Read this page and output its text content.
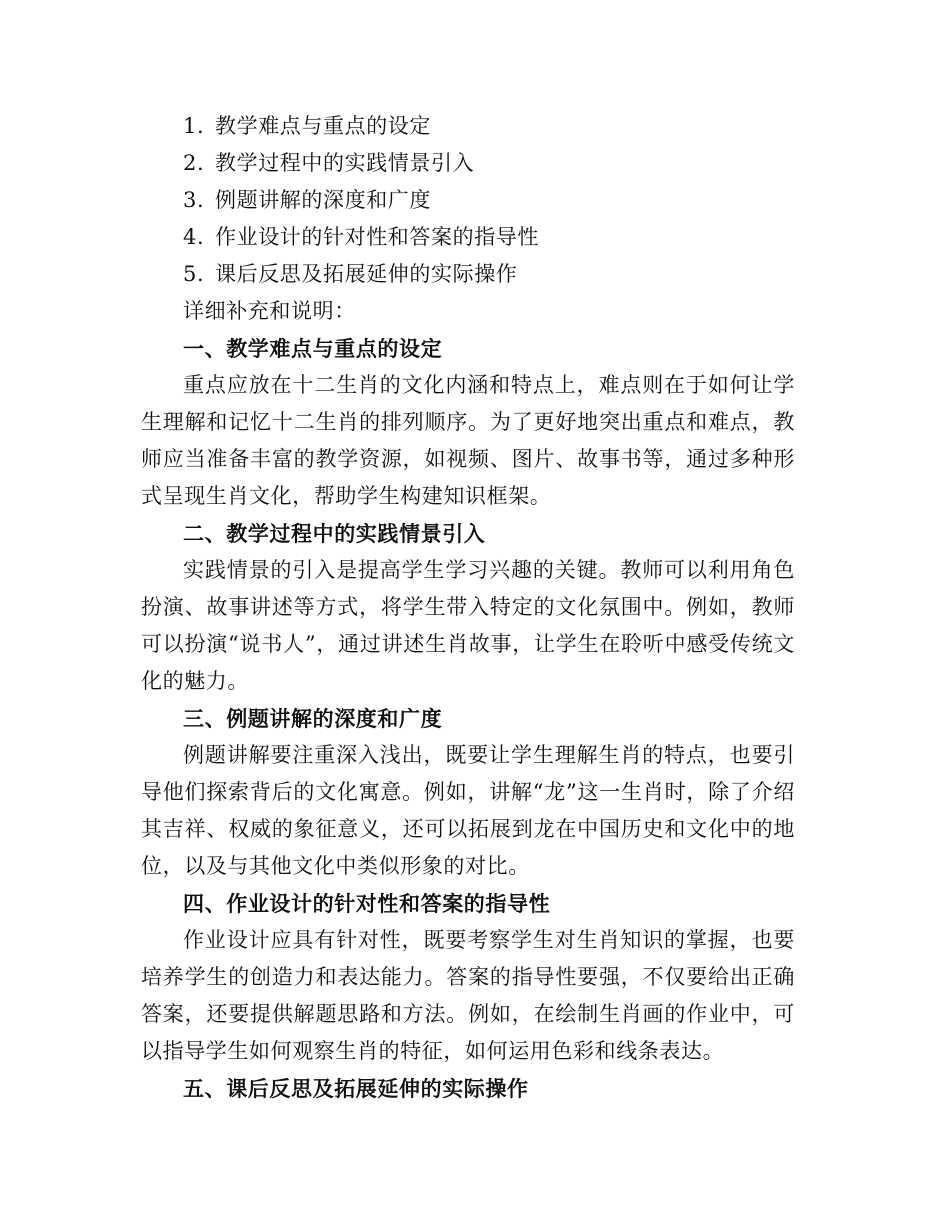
1. 教学难点与重点的设定
2. 教学过程中的实践情景引入
3. 例题讲解的深度和广度
4. 作业设计的针对性和答案的指导性
5. 课后反思及拓展延伸的实际操作
详细补充和说明：
一、教学难点与重点的设定

重点应放在十二生肖的文化内涵和特点上，难点则在于如何让学生理解和记忆十二生肖的排列顺序。为了更好地突出重点和难点，教师应当准备丰富的教学资源，如视频、图片、故事书等，通过多种形式呈现生肖文化，帮助学生构建知识框架。

二、教学过程中的实践情景引入

实践情景的引入是提高学生学习兴趣的关键。教师可以利用角色扮演、故事讲述等方式，将学生带入特定的文化氛围中。例如，教师可以扮演“说书人”，通过讲述生肖故事，让学生在聆听中感受传统文化的魅力。

三、例题讲解的深度和广度

例题讲解要注重深入浅出，既要让学生理解生肖的特点，也要引导他们探索背后的文化寓意。例如，讲解“龙”这一生肖时，除了介绍其吉祥、权威的象征意义，还可以拓展到龙在中国历史和文化中的地位，以及与其他文化中类似形象的对比。

四、作业设计的针对性和答案的指导性

作业设计应具有针对性，既要考察学生对生肖知识的掌握，也要培养学生的创造力和表达能力。答案的指导性要强，不仅要给出正确答案，还要提供解题思路和方法。例如，在绘制生肖画的作业中，可以指导学生如何观察生肖的特征，如何运用色彩和线条表达。

五、课后反思及拓展延伸的实际操作
